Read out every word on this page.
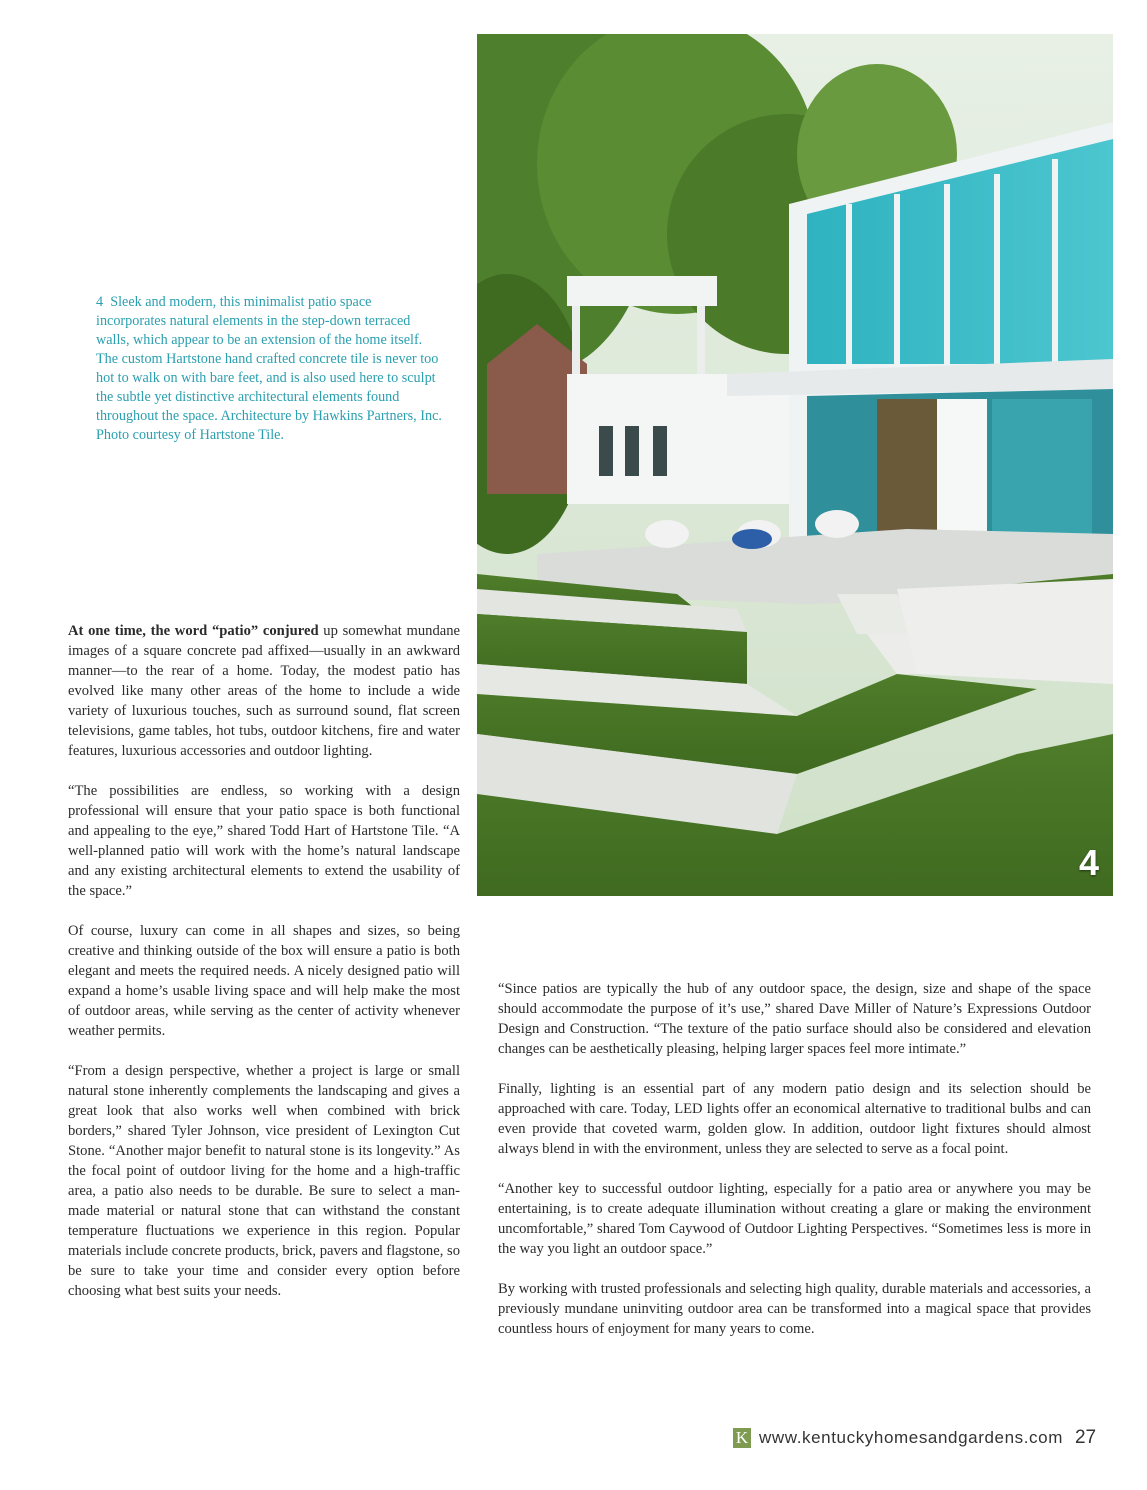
4 Sleek and modern, this minimalist patio space incorporates natural elements in the step-down terraced walls, which appear to be an extension of the home itself. The custom Hartstone hand crafted concrete tile is never too hot to walk on with bare feet, and is also used here to sculpt the subtle yet distinctive architectural elements found throughout the space. Architecture by Hawkins Partners, Inc. Photo courtesy of Hartstone Tile.

4

At one time, the word “patio” conjured up somewhat mundane images of a square concrete pad affixed—usually in an awkward manner—to the rear of a home. Today, the modest patio has evolved like many other areas of the home to include a wide variety of luxurious touches, such as surround sound, flat screen televisions, game tables, hot tubs, outdoor kitchens, fire and water features, luxurious accessories and outdoor lighting.

“The possibilities are endless, so working with a design professional will ensure that your patio space is both functional and appealing to the eye,” shared Todd Hart of Hartstone Tile. “A well-planned patio will work with the home’s natural landscape and any existing architectural elements to extend the usability of the space.”

Of course, luxury can come in all shapes and sizes, so being creative and thinking outside of the box will ensure a patio is both elegant and meets the required needs. A nicely designed patio will expand a home’s usable living space and will help make the most of outdoor areas, while serving as the center of activity whenever weather permits.

“From a design perspective, whether a project is large or small natural stone inherently complements the landscaping and gives a great look that also works well when combined with brick borders,” shared Tyler Johnson, vice president of Lexington Cut Stone. “Another major benefit to natural stone is its longevity.” As the focal point of outdoor living for the home and a high-traffic area, a patio also needs to be durable. Be sure to select a man-made material or natural stone that can withstand the constant temperature fluctuations we experience in this region. Popular materials include concrete products, brick, pavers and flagstone, so be sure to take your time and consider every option before choosing what best suits your needs.

“Since patios are typically the hub of any outdoor space, the design, size and shape of the space should accommodate the purpose of it’s use,” shared Dave Miller of Nature’s Expressions Outdoor Design and Construction. “The texture of the patio surface should also be considered and elevation changes can be aesthetically pleasing, helping larger spaces feel more intimate.”

Finally, lighting is an essential part of any modern patio design and its selection should be approached with care. Today, LED lights offer an economical alternative to traditional bulbs and can even provide that coveted warm, golden glow. In addition, outdoor light fixtures should almost always blend in with the environment, unless they are selected to serve as a focal point.

“Another key to successful outdoor lighting, especially for a patio area or anywhere you may be entertaining, is to create adequate illumination without creating a glare or making the environment uncomfortable,” shared Tom Caywood of Outdoor Lighting Perspectives. “Sometimes less is more in the way you light an outdoor space.”

By working with trusted professionals and selecting high quality, durable materials and accessories, a previously mundane uninviting outdoor area can be transformed into a magical space that provides countless hours of enjoyment for many years to come.

K www.kentuckyhomesandgardens.com 27
